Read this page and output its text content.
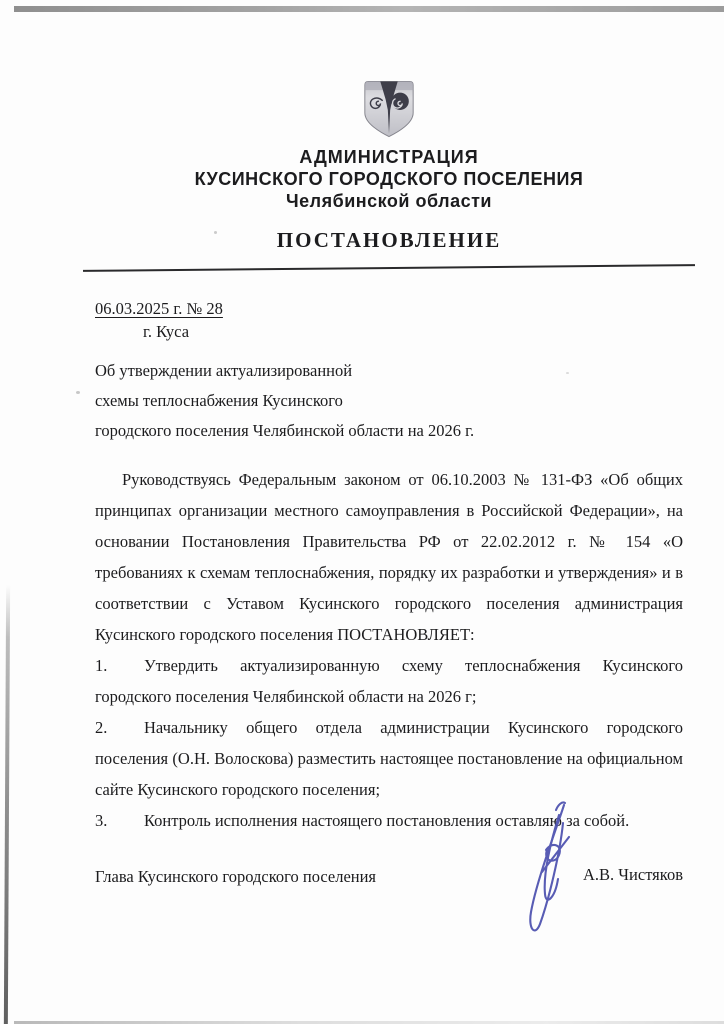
АДМИНИСТРАЦИЯ
КУСИНСКОГО ГОРОДСКОГО ПОСЕЛЕНИЯ
Челябинской области
ПОСТАНОВЛЕНИЕ
06.03.2025 г. № 28
г. Куса
Об утверждении актуализированной
схемы теплоснабжения Кусинского
городского поселения Челябинской области на 2026 г.

Руководствуясь Федеральным законом от 06.10.2003 № 131-ФЗ «Об общих принципах организации местного самоуправления в Российской Федерации», на основании Постановления Правительства РФ от 22.02.2012 г. № 154 «О требованиях к схемам теплоснабжения, порядку их разработки и утверждения» и в соответствии с Уставом Кусинского городского поселения администрация Кусинского городского поселения ПОСТАНОВЛЯЕТ:

1. Утвердить актуализированную схему теплоснабжения Кусинского городского поселения Челябинской области на 2026 г;

2. Начальнику общего отдела администрации Кусинского городского поселения (О.Н. Волоскова) разместить настоящее постановление на официальном сайте Кусинского городского поселения;

3. Контроль исполнения настоящего постановления оставляю за собой.

Глава Кусинского городского поселения	А.В. Чистяков
